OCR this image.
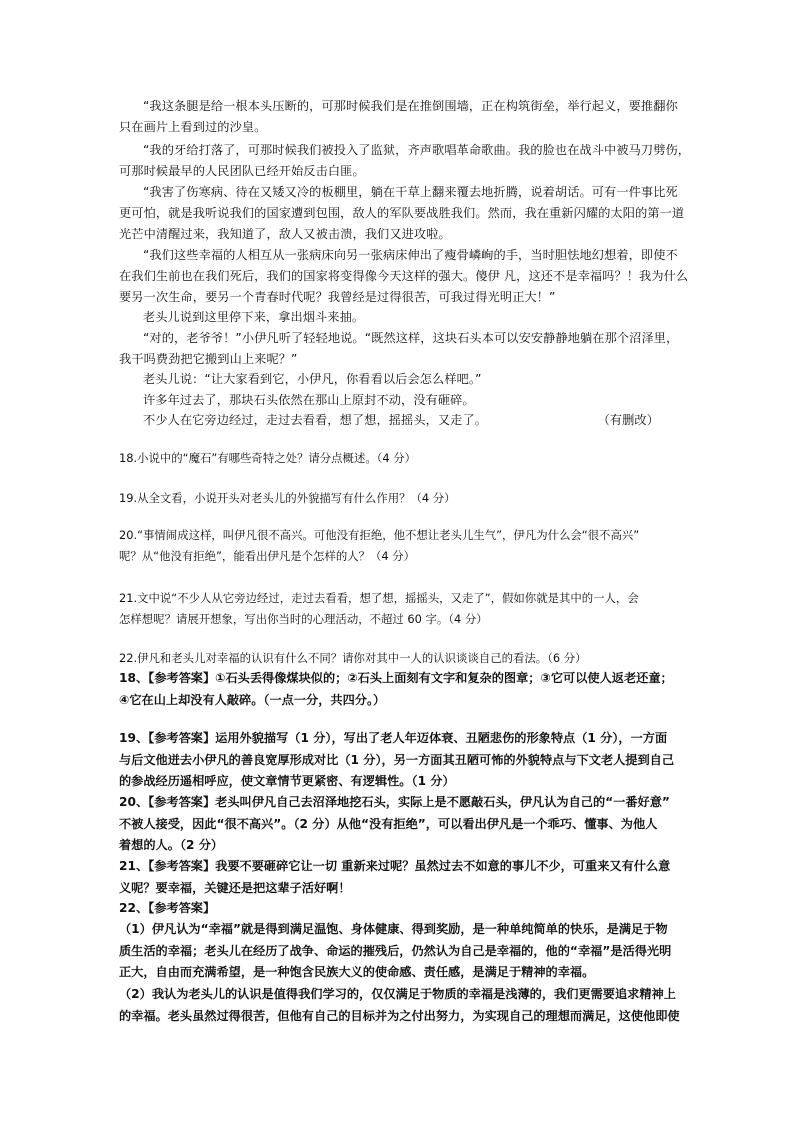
“我这条腿是给一根本头压断的，可那时候我们是在推倒围墙，正在构筑街垒，举行起义，要推翻你
只在画片上看到过的沙皇。
“我的牙给打落了，可那时候我们被投入了监狱，齐声歌唱革命歌曲。我的脸也在战斗中被马刀劈伤，
可那时候最早的人民团队已经开始反击白匪。
“我害了伤寒病、待在又矮又冷的板棚里，躺在干草上翻来覆去地折腾，说着胡话。可有一件事比死
更可怕，就是我听说我们的国家遭到包围，敌人的军队要战胜我们。然而，我在重新闪耀的太阳的第一道
光芒中清醒过来，我知道了，敌人又被击溃，我们又进攻啦。
“我们这些幸福的人相互从一张病床向另一张病床伸出了瘦骨嶙峋的手，当时胆怯地幻想着，即使不
在我们生前也在我们死后，我们的国家将变得像今天这样的强大。傻伊 凡，这还不是幸福吗？！我为什么
要另一次生命，要另一个青春时代呢？我曾经是过得很苦，可我过得光明正大！”
老头儿说到这里停下来，拿出烟斗来抽。
“对的，老爷爷！”小伊凡听了轻轻地说。“既然这样，这块石头本可以安安静静地躺在那个沼泽里，
我干吗费劲把它搬到山上来呢？”
老头儿说：“让大家看到它，小伊凡，你看看以后会怎么样吧。”
许多年过去了，那块石头依然在那山上原封不动，没有砸碎。
不少人在它旁边经过，走过去看看，想了想，摇摇头，又走了。	（有删改）
18.小说中的“魔石”有哪些奇特之处？请分点概述。（4 分）
19.从全文看，小说开头对老头儿的外貌描写有什么作用？（4 分）
20.“事情闹成这样，叫伊凡很不高兴。可他没有拒绝，他不想让老头儿生气”，伊凡为什么会“很不高兴”
呢？从“他没有拒绝”，能看出伊凡是个怎样的人？（4 分）
21.文中说“不少人从它旁边经过，走过去看看，想了想，摇摇头，又走了”，假如你就是其中的一人，会
怎样想呢？请展开想象，写出你当时的心理活动，不超过 60 字。（4 分）
22.伊凡和老头儿对幸福的认识有什么不同？请你对其中一人的认识谈谈自己的看法。（6 分）
18、【参考答案】①石头丢得像煤块似的；②石头上面刻有文字和复杂的图章；③它可以使人返老还童；
④它在山上却没有人敲碎。（一点一分，共四分。）
19、【参考答案】运用外貌描写（1 分），写出了老人年迈体衰、丑陋悲伤的形象特点（1 分），一方面
与后文他迸去小伊凡的善良宽厚形成对比（1 分），另一方面其丑陋可怖的外貌特点与下文老人提到自己
的参战经历遥相呼应，使文章情节更紧密、有逻辑性。（1 分）
20、【参考答案】老头叫伊凡自己去沼泽地挖石头，实际上是不愿敲石头，伊凡认为自己的“一番好意”
不被人接受，因此“很不高兴”。（2 分）从他“没有拒绝”，可以看出伊凡是一个乖巧、懂事、为他人
着想的人。（2 分）
21、【参考答案】我要不要砸碎它让一切 重新来过呢？虽然过去不如意的事儿不少，可重来又有什么意
义呢？要幸福，关键还是把这辈子活好啊！
22、【参考答案】
（1）伊凡认为“幸福”就是得到满足温饱、身体健康、得到奖励，是一种单纯简单的快乐，是满足于物
质生活的幸福；老头儿在经历了战争、命运的摧残后，仍然认为自己是幸福的，他的“幸福”是活得光明
正大，自由而充满希望，是一种饱含民族大义的使命感、责任感，是满足于精神的幸福。
（2）我认为老头儿的认识是值得我们学习的，仅仅满足于物质的幸福是浅薄的，我们更需要追求精神上
的幸福。老头虽然过得很苦，但他有自己的目标并为之付出努力，为实现自己的理想而满足，这使他即使
